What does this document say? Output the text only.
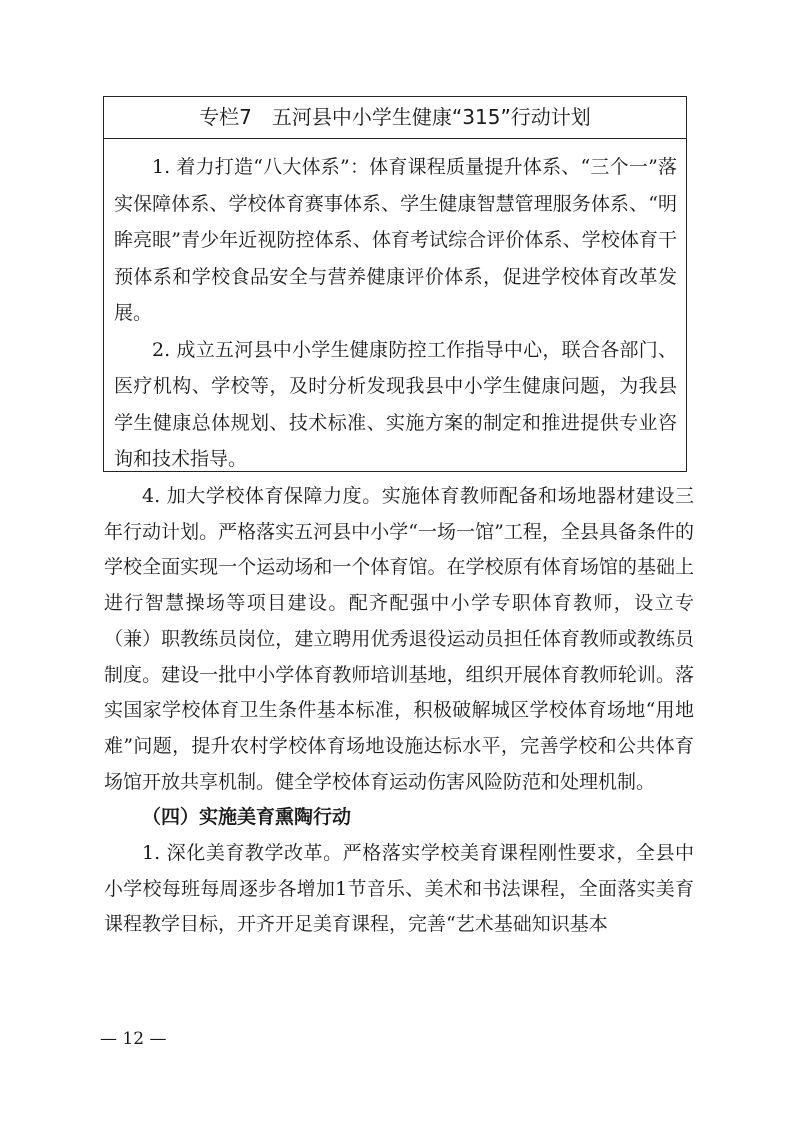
专栏7　五河县中小学生健康“315”行动计划

1. 着力打造“八大体系”：体育课程质量提升体系、“三个一”落实保障体系、学校体育赛事体系、学生健康智慧管理服务体系、“明眸亮眼”青少年近视防控体系、体育考试综合评价体系、学校体育干预体系和学校食品安全与营养健康评价体系，促进学校体育改革发展。

2. 成立五河县中小学生健康防控工作指导中心，联合各部门、医疗机构、学校等，及时分析发现我县中小学生健康问题，为我县学生健康总体规划、技术标准、实施方案的制定和推进提供专业咨询和技术指导。

4. 加大学校体育保障力度。实施体育教师配备和场地器材建设三年行动计划。严格落实五河县中小学“一场一馆”工程，全县具备条件的学校全面实现一个运动场和一个体育馆。在学校原有体育场馆的基础上进行智慧操场等项目建设。配齐配强中小学专职体育教师，设立专（兼）职教练员岗位，建立聘用优秀退役运动员担任体育教师或教练员制度。建设一批中小学体育教师培训基地，组织开展体育教师轮训。落实国家学校体育卫生条件基本标准，积极破解城区学校体育场地“用地难”问题，提升农村学校体育场地设施达标水平，完善学校和公共体育场馆开放共享机制。健全学校体育运动伤害风险防范和处理机制。

（四）实施美育熏陶行动

1. 深化美育教学改革。严格落实学校美育课程刚性要求，全县中小学校每班每周逐步各增加1节音乐、美术和书法课程，全面落实美育课程教学目标，开齐开足美育课程，完善“艺术基础知识基本

— 12 —
